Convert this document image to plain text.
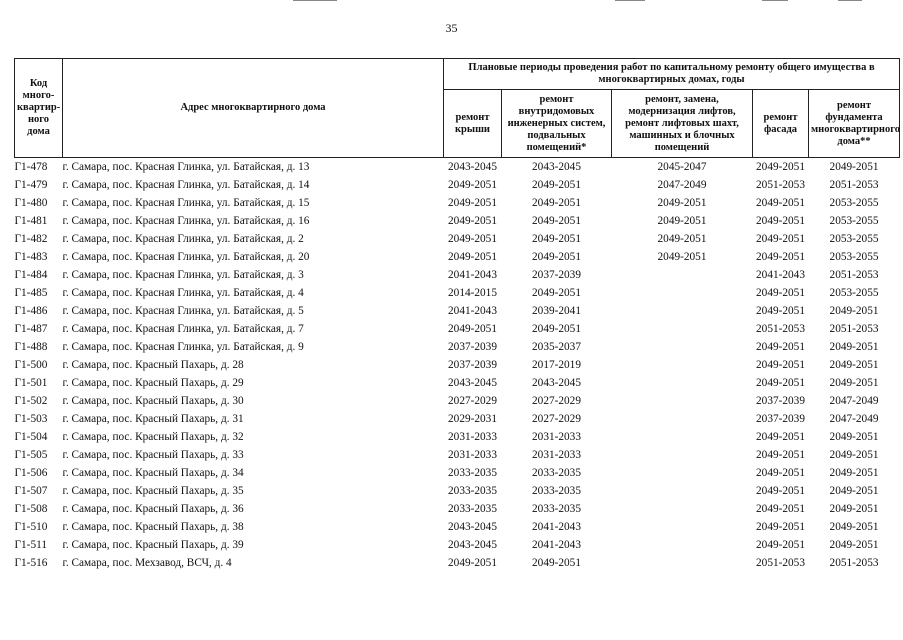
35
Код много-квартир-ного дома	Адрес многоквартирного дома	Плановые периоды проведения работ по капитальному ремонту общего имущества в многоквартирных домах, годы				
		ремонт крыши	ремонт внутридомовых инженерных систем, подвальных помещений*	ремонт, замена, модернизация лифтов, ремонт лифтовых шахт, машинных и блочных помещений	ремонт фасада	ремонт фундамента многоквартирного дома**
Г1-478	г. Самара, пос. Красная Глинка, ул. Батайская, д. 13	2043-2045	2043-2045	2045-2047	2049-2051	2049-2051
Г1-479	г. Самара, пос. Красная Глинка, ул. Батайская, д. 14	2049-2051	2049-2051	2047-2049	2051-2053	2051-2053
Г1-480	г. Самара, пос. Красная Глинка, ул. Батайская, д. 15	2049-2051	2049-2051	2049-2051	2049-2051	2053-2055
Г1-481	г. Самара, пос. Красная Глинка, ул. Батайская, д. 16	2049-2051	2049-2051	2049-2051	2049-2051	2053-2055
Г1-482	г. Самара, пос. Красная Глинка, ул. Батайская, д. 2	2049-2051	2049-2051	2049-2051	2049-2051	2053-2055
Г1-483	г. Самара, пос. Красная Глинка, ул. Батайская, д. 20	2049-2051	2049-2051	2049-2051	2049-2051	2053-2055
Г1-484	г. Самара, пос. Красная Глинка, ул. Батайская, д. 3	2041-2043	2037-2039		2041-2043	2051-2053
Г1-485	г. Самара, пос. Красная Глинка, ул. Батайская, д. 4	2014-2015	2049-2051		2049-2051	2053-2055
Г1-486	г. Самара, пос. Красная Глинка, ул. Батайская, д. 5	2041-2043	2039-2041		2049-2051	2049-2051
Г1-487	г. Самара, пос. Красная Глинка, ул. Батайская, д. 7	2049-2051	2049-2051		2051-2053	2051-2053
Г1-488	г. Самара, пос. Красная Глинка, ул. Батайская, д. 9	2037-2039	2035-2037		2049-2051	2049-2051
Г1-500	г. Самара, пос. Красный Пахарь, д. 28	2037-2039	2017-2019		2049-2051	2049-2051
Г1-501	г. Самара, пос. Красный Пахарь, д. 29	2043-2045	2043-2045		2049-2051	2049-2051
Г1-502	г. Самара, пос. Красный Пахарь, д. 30	2027-2029	2027-2029		2037-2039	2047-2049
Г1-503	г. Самара, пос. Красный Пахарь, д. 31	2029-2031	2027-2029		2037-2039	2047-2049
Г1-504	г. Самара, пос. Красный Пахарь, д. 32	2031-2033	2031-2033		2049-2051	2049-2051
Г1-505	г. Самара, пос. Красный Пахарь, д. 33	2031-2033	2031-2033		2049-2051	2049-2051
Г1-506	г. Самара, пос. Красный Пахарь, д. 34	2033-2035	2033-2035		2049-2051	2049-2051
Г1-507	г. Самара, пос. Красный Пахарь, д. 35	2033-2035	2033-2035		2049-2051	2049-2051
Г1-508	г. Самара, пос. Красный Пахарь, д. 36	2033-2035	2033-2035		2049-2051	2049-2051
Г1-510	г. Самара, пос. Красный Пахарь, д. 38	2043-2045	2041-2043		2049-2051	2049-2051
Г1-511	г. Самара, пос. Красный Пахарь, д. 39	2043-2045	2041-2043		2049-2051	2049-2051
Г1-516	г. Самара, пос. Мехзавод, ВСЧ, д. 4	2049-2051	2049-2051		2051-2053	2051-2053
